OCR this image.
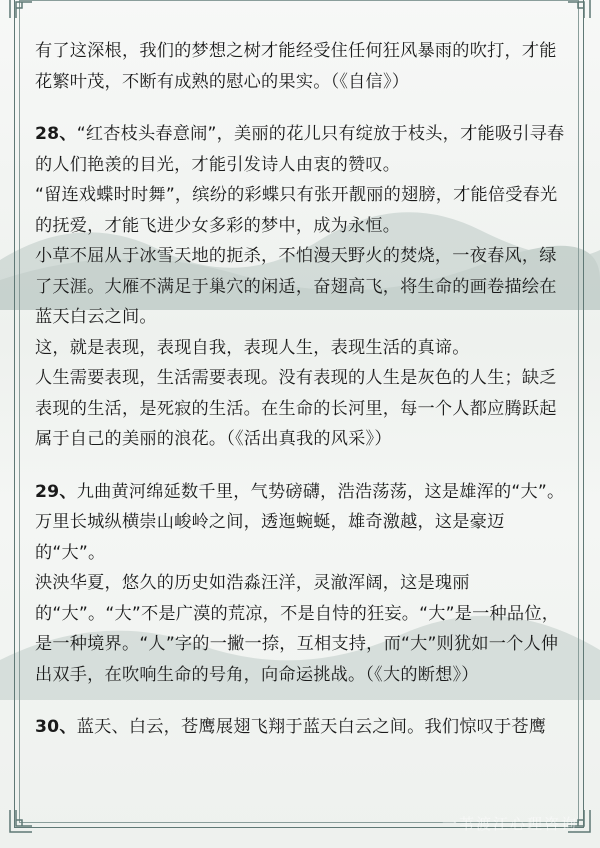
有了这深根，我们的梦想之树才能经受住任何狂风暴雨的吹打，才能花繁叶茂，不断有成熟的慰心的果实。（《自信》）

28、“红杏枝头春意闹”，美丽的花儿只有绽放于枝头，才能吸引寻春的人们艳羡的目光，才能引发诗人由衷的赞叹。

“留连戏蝶时时舞”，缤纷的彩蝶只有张开靓丽的翅膀，才能倍受春光的抚爱，才能飞进少女多彩的梦中，成为永恒。

小草不屈从于冰雪天地的扼杀，不怕漫天野火的焚烧，一夜春风，绿了天涯。大雁不满足于巢穴的闲适，奋翅高飞，将生命的画卷描绘在蓝天白云之间。

这，就是表现，表现自我，表现人生，表现生活的真谛。

人生需要表现，生活需要表现。没有表现的人生是灰色的人生；缺乏表现的生活，是死寂的生活。在生命的长河里，每一个人都应腾跃起属于自己的美丽的浪花。（《活出真我的风采》）

29、九曲黄河绵延数千里，气势磅礴，浩浩荡荡，这是雄浑的“大”。万里长城纵横崇山峻岭之间，透迤蜿蜒，雄奇激越，这是豪迈的“大”。

泱泱华夏，悠久的历史如浩淼汪洋，灵澈浑阔，这是瑰丽的“大”。“大”不是广漠的荒凉，不是自恃的狂妄。“大”是一种品位，是一种境界。“人”字的一撇一捺，互相支持，而“大”则犹如一个人伸出双手，在吹响生命的号角，向命运挑战。（《大的断想》）

30、蓝天、白云，苍鹰展翅飞翔于蓝天白云之间。我们惊叹于苍鹰

一苇渡江心理咨询
